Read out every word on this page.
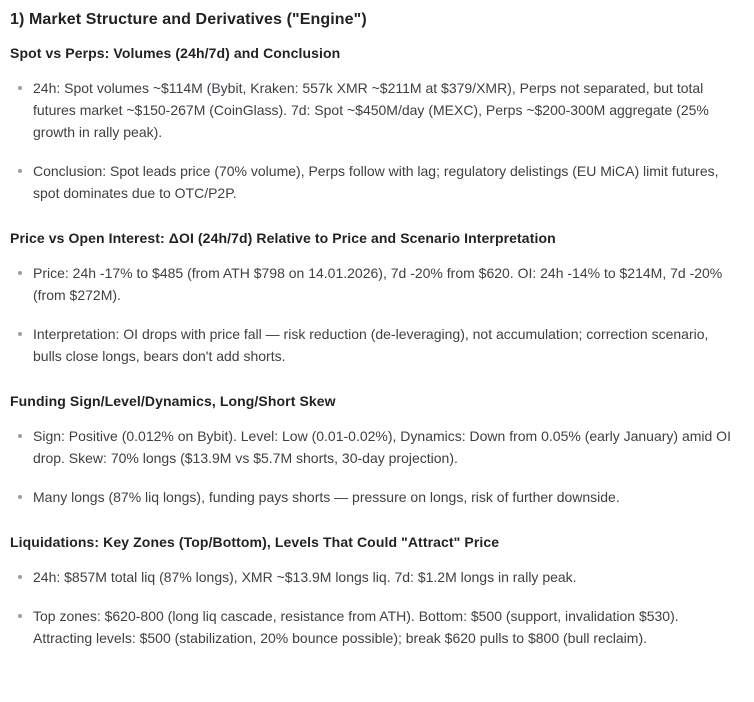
1) Market Structure and Derivatives ("Engine")
Spot vs Perps: Volumes (24h/7d) and Conclusion
24h: Spot volumes ~$114M (Bybit, Kraken: 557k XMR ~$211M at $379/XMR), Perps not separated, but total futures market ~$150-267M (CoinGlass). 7d: Spot ~$450M/day (MEXC), Perps ~$200-300M aggregate (25% growth in rally peak).
Conclusion: Spot leads price (70% volume), Perps follow with lag; regulatory delistings (EU MiCA) limit futures, spot dominates due to OTC/P2P.
Price vs Open Interest: ΔOI (24h/7d) Relative to Price and Scenario Interpretation
Price: 24h -17% to $485 (from ATH $798 on 14.01.2026), 7d -20% from $620. OI: 24h -14% to $214M, 7d -20% (from $272M).
Interpretation: OI drops with price fall — risk reduction (de-leveraging), not accumulation; correction scenario, bulls close longs, bears don't add shorts.
Funding Sign/Level/Dynamics, Long/Short Skew
Sign: Positive (0.012% on Bybit). Level: Low (0.01-0.02%), Dynamics: Down from 0.05% (early January) amid OI drop. Skew: 70% longs ($13.9M vs $5.7M shorts, 30-day projection).
Many longs (87% liq longs), funding pays shorts — pressure on longs, risk of further downside.
Liquidations: Key Zones (Top/Bottom), Levels That Could "Attract" Price
24h: $857M total liq (87% longs), XMR ~$13.9M longs liq. 7d: $1.2M longs in rally peak.
Top zones: $620-800 (long liq cascade, resistance from ATH). Bottom: $500 (support, invalidation $530). Attracting levels: $500 (stabilization, 20% bounce possible); break $620 pulls to $800 (bull reclaim).
